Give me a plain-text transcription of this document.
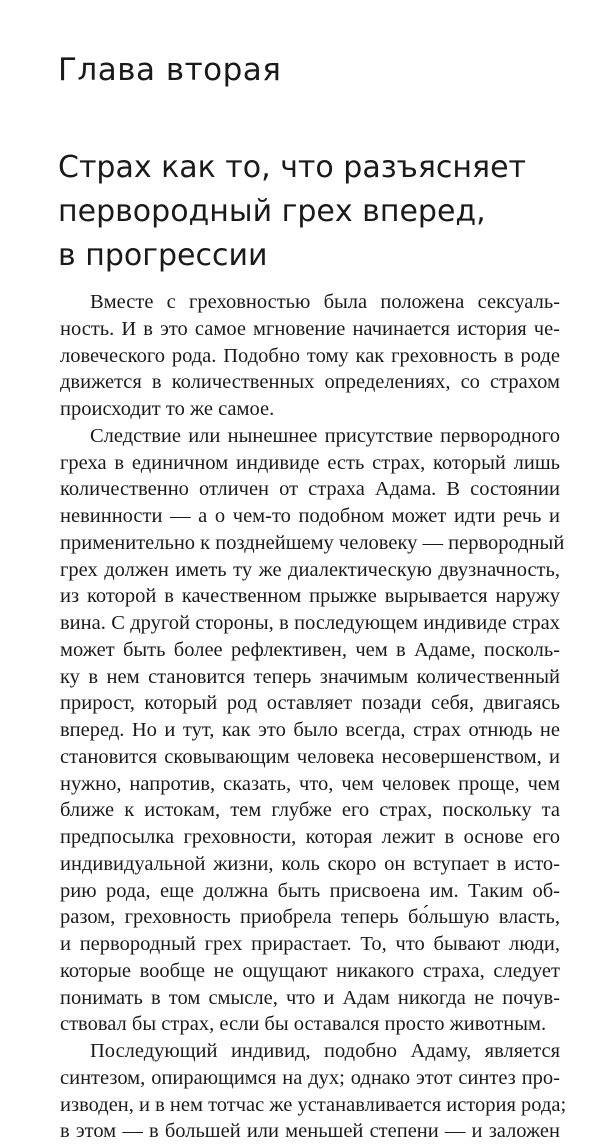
Глава вторая
Страх как то, что разъясняет
первородный грех вперед,
в прогрессии
Вместе с греховностью была положена сексуаль-
ность. И в это самое мгновение начинается история че-
ловеческого рода. Подобно тому как греховность в роде
движется в количественных определениях, со страхом
происходит то же самое.
Следствие или нынешнее присутствие первородного
греха в единичном индивиде есть страх, который лишь
количественно отличен от страха Адама. В состоянии
невинности — а о чем-то подобном может идти речь и
применительно к позднейшему человеку — первородный
грех должен иметь ту же диалектическую двузначность,
из которой в качественном прыжке вырывается наружу
вина. С другой стороны, в последующем индивиде страх
может быть более рефлективен, чем в Адаме, посколь-
ку в нем становится теперь значимым количественный
прирост, который род оставляет позади себя, двигаясь
вперед. Но и тут, как это было всегда, страх отнюдь не
становится сковывающим человека несовершенством, и
нужно, напротив, сказать, что, чем человек проще, чем
ближе к истокам, тем глубже его страх, поскольку та
предпосылка греховности, которая лежит в основе его
индивидуальной жизни, коль скоро он вступает в исто-
рию рода, еще должна быть присвоена им. Таким об-
разом, греховность приобрела теперь бо́льшую власть,
и первородный грех прирастает. То, что бывают люди,
которые вообще не ощущают никакого страха, следует
понимать в том смысле, что и Адам никогда не почув-
ствовал бы страх, если бы оставался просто животным.
Последующий индивид, подобно Адаму, является
синтезом, опирающимся на дух; однако этот синтез про-
изводен, и в нем тотчас же устанавливается история рода;
в этом — в большей или меньшей степени — и заложен
